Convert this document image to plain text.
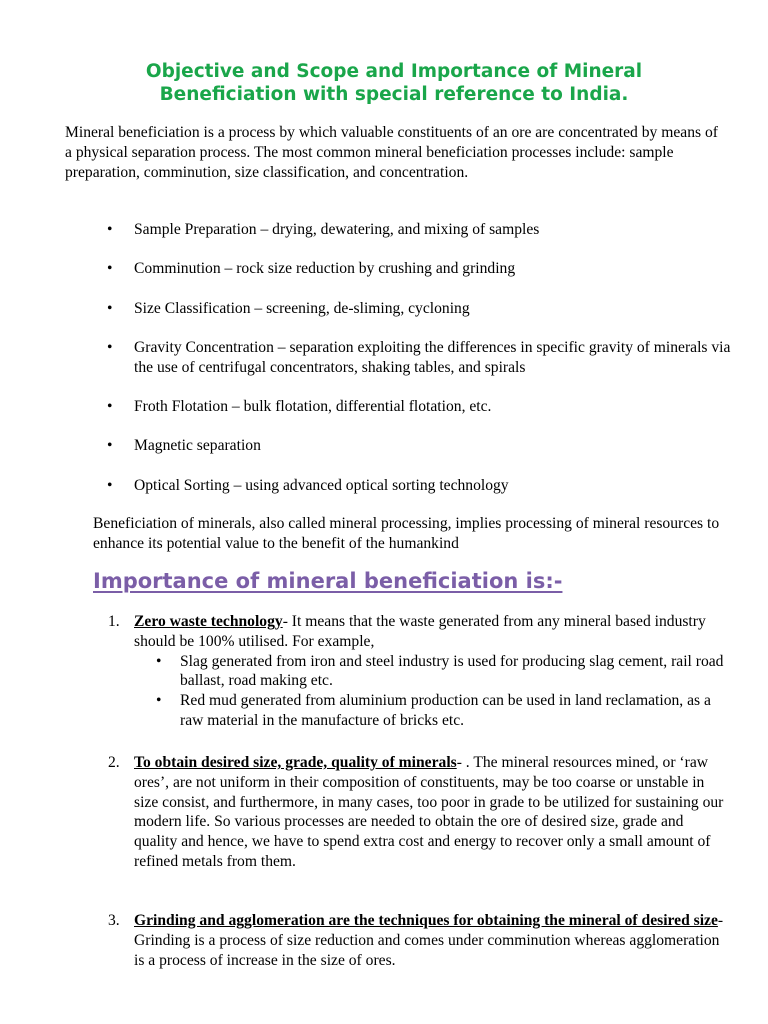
Objective and Scope and Importance of Mineral
Beneficiation with special reference to India.
Mineral beneficiation is a process by which valuable constituents of an ore are concentrated by means of a physical separation process. The most common mineral beneficiation processes include: sample preparation, comminution, size classification, and concentration.
• Sample Preparation – drying, dewatering, and mixing of samples
• Comminution – rock size reduction by crushing and grinding
• Size Classification – screening, de-sliming, cycloning
• Gravity Concentration – separation exploiting the differences in specific gravity of minerals via the use of centrifugal concentrators, shaking tables, and spirals
• Froth Flotation – bulk flotation, differential flotation, etc.
• Magnetic separation
• Optical Sorting – using advanced optical sorting technology
Beneficiation of minerals, also called mineral processing, implies processing of mineral resources to enhance its potential value to the benefit of the humankind
Importance of mineral beneficiation is:-
1. Zero waste technology- It means that the waste generated from any mineral based industry should be 100% utilised. For example,
• Slag generated from iron and steel industry is used for producing slag cement, rail road ballast, road making etc.
• Red mud generated from aluminium production can be used in land reclamation, as a raw material in the manufacture of bricks etc.
2. To obtain desired size, grade, quality of minerals- . The mineral resources mined, or ‘raw ores’, are not uniform in their composition of constituents, may be too coarse or unstable in size consist, and furthermore, in many cases, too poor in grade to be utilized for sustaining our modern life. So various processes are needed to obtain the ore of desired size, grade and quality and hence, we have to spend extra cost and energy to recover only a small amount of refined metals from them.
3. Grinding and agglomeration are the techniques for obtaining the mineral of desired size- Grinding is a process of size reduction and comes under comminution whereas agglomeration is a process of increase in the size of ores.
